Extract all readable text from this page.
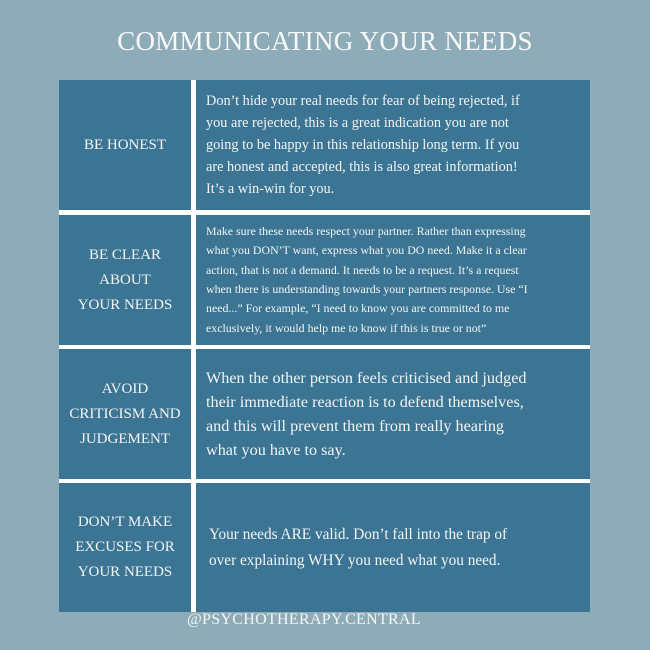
COMMUNICATING YOUR NEEDS
BE HONEST
Don’t hide your real needs for fear of being rejected, if
you are rejected, this is a great indication you are not
going to be happy in this relationship long term. If you
are honest and accepted, this is also great information!
It’s a win-win for you.
BE CLEAR
ABOUT
YOUR NEEDS
Make sure these needs respect your partner. Rather than expressing
what you DON’T want, express what you DO need. Make it a clear
action, that is not a demand. It needs to be a request. It’s a request
when there is understanding towards your partners response. Use “I
need...” For example, “I need to know you are committed to me
exclusively, it would help me to know if this is true or not”
AVOID
CRITICISM AND
JUDGEMENT
When the other person feels criticised and judged
their immediate reaction is to defend themselves,
and this will prevent them from really hearing
what you have to say.
DON’T MAKE
EXCUSES FOR
YOUR NEEDS
Your needs ARE valid. Don’t fall into the trap of
over explaining WHY you need what you need.
@PSYCHOTHERAPY.CENTRAL
